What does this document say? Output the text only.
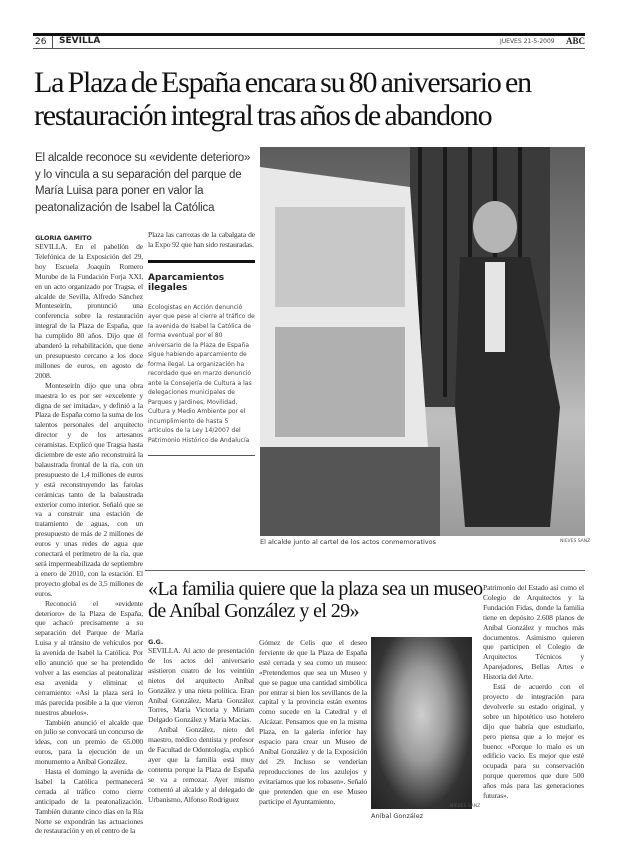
26	SEVILLA	JUEVES 21-5-2009 ABC
La Plaza de España encara su 80 aniversario en restauración integral tras años de abandono
El alcalde reconoce su «evidente deterioro» y lo vincula a su separación del parque de María Luisa para poner en valor la peatonalización de Isabel la Católica
GLORIA GAMITO

SEVILLA. En el pabellón de Telefónica de la Exposición del 29, hoy Escuela Joaquín Romero Murube de la Fundación Forja XXI, en un acto organizado por Tragsa, el alcalde de Sevilla, Alfredo Sánchez Monteseirín, pronunció una conferencia sobre la restauración integral de la Plaza de España, que ha cumplido 80 años. Dijo que él abanderó la rehabilitación, que tiene un presupuesto cercano a los doce millones de euros, en agosto de 2008.

Monteseirín dijo que una obra maestra lo es por ser «excelente y digna de ser imitada», y definió a la Plaza de España como la suma de los talentos personales del arquitecto director y de los artesanos ceramistas. Explicó que Tragsa hasta diciembre de este año reconstruirá la balaustrada frontal de la ría, con un presupuesto de 1,4 millones de euros y está reconstruyendo las farolas cerámicas tanto de la balaustrada exterior como interior. Señaló que se va a construir una estación de tratamiento de aguas, con un presupuesto de más de 2 millones de euros y unas redes de agua que conectará el perímetro de la ría, que será impermeabilizada de septiembre a enero de 2010, con la estación. El proyecto global es de 3,5 millones de euros.

Reconoció el «evidente deterioro» de la Plaza de España, que achacó precisamente a su separación del Parque de María Luisa y al tránsito de vehículos por la avenida de Isabel la Católica. Por ello anunció que se ha pretendido volver a las esencias al peatonalizar esa avenida y eliminar el cerramiento: «Así la plaza será lo más parecida posible a la que vieron nuestros abuelos».

También anunció el alcalde que en julio se convocará un concurso de ideas, con un premio de 65.000 euros, para la ejecución de un monumento a Aníbal González.

Hasta el domingo la avenida de Isabel la Católica permanecerá cerrada al tráfico como cierre anticipado de la peatonalización. También durante cinco días en la Ría Norte se expondrán las actuaciones de restauración y en el centro de la

Plaza las carrozas de la cabalgata de la Expo 92 que han sido restauradas.

Aparcamientos ilegales
Ecologistas en Acción denunció ayer que pese al cierre al tráfico de la avenida de Isabel la Católica de forma eventual por el 80 aniversario de la Plaza de España sigue habiendo aparcamiento de forma ilegal. La organización ha recordado que en marzo denunció ante la Consejería de Cultura a las delegaciones municipales de Parques y Jardines, Movilidad, Cultura y Medio Ambiente por el incumplimiento de hasta 5 artículos de la Ley 14/2007 del Patrimonio Histórico de Andalucía
El alcalde junto al cartel de los actos conmemorativos	NIEVES SANZ
«La familia quiere que la plaza sea un museo de Aníbal González y el 29»
G.G.

SEVILLA. Al acto de presentación de los actos del aniversario asistieron cuatro de los veintiún nietos del arquitecto Aníbal González y una nieta política. Eran Aníbal González, Marta González Torres, María Victoria y Miriam Delgado González y María Macías.

Aníbal González, nieto del maestro, médico dentista y profesor de Facultad de Odontología, explicó ayer que la familia está muy contenta porque la Plaza de España se va a remozar. Ayer mismo comentó al alcalde y al delegado de Urbanismo, Alfonso Rodríguez

Gómez de Celis que el deseo ferviente de que la Plaza de España esté cerrada y sea como un museo: «Pretendemos que sea un Museo y que se pague una cantidad simbólica por entrar si bien los sevillanos de la capital y la provincia están exentos como sucede en la Catedral y el Alcázar. Pensamos que en la misma Plaza, en la galería inferior hay espacio para crear un Museo de Aníbal González y de la Exposición del 29. Incluso se venderían reproducciones de los azulejos y evitaríamos que los robasen». Señaló que pretenden que en ese Museo participe el Ayuntamiento,

Aníbal González
NIEVES SANZ

Patrimonio del Estado así como el Colegio de Arquitectos y la Fundación Fidas, donde la familia tiene en depósito 2.608 planos de Aníbal González y muchos más documentos. Asimismo quieren que participen el Colegio de Arquitectos Técnicos y Aparejadores, Bellas Artes e Historia del Arte.

Está de acuerdo con el proyecto de integración para devolverle su estado original, y sobre un hipotético uso hotelero dijo que habría que estudiarlo, pero piensa que a lo mejor es bueno: «Porque lo malo es un edificio vacío. Es mejor que esté ocupada para su conservación porque queremos que dure 500 años más para las generaciones futuras».
